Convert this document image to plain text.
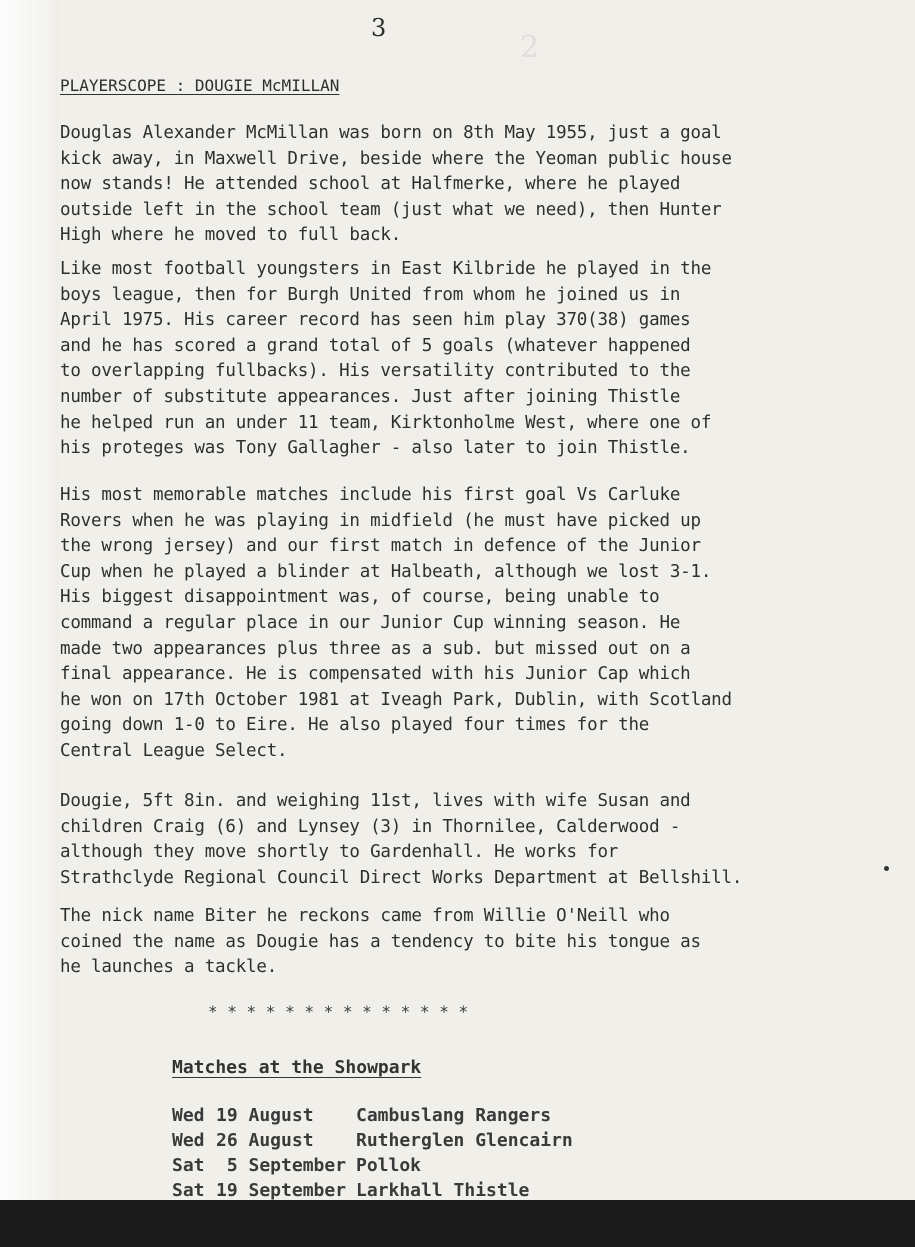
2
3
PLAYERSCOPE : DOUGIE McMILLAN

Douglas Alexander McMillan was born on 8th May 1955, just a goal
kick away, in Maxwell Drive, beside where the Yeoman public house
now stands! He attended school at Halfmerke, where he played
outside left in the school team (just what we need), then Hunter
High where he moved to full back.

Like most football youngsters in East Kilbride he played in the
boys league, then for Burgh United from whom he joined us in
April 1975. His career record has seen him play 370(38) games
and he has scored a grand total of 5 goals (whatever happened
to overlapping fullbacks). His versatility contributed to the
number of substitute appearances. Just after joining Thistle
he helped run an under 11 team, Kirktonholme West, where one of
his proteges was Tony Gallagher - also later to join Thistle.

His most memorable matches include his first goal Vs Carluke
Rovers when he was playing in midfield (he must have picked up
the wrong jersey) and our first match in defence of the Junior
Cup when he played a blinder at Halbeath, although we lost 3-1.
His biggest disappointment was, of course, being unable to
command a regular place in our Junior Cup winning season. He
made two appearances plus three as a sub. but missed out on a
final appearance. He is compensated with his Junior Cap which
he won on 17th October 1981 at Iveagh Park, Dublin, with Scotland
going down 1-0 to Eire. He also played four times for the
Central League Select.

Dougie, 5ft 8in. and weighing 11st, lives with wife Susan and
children Craig (6) and Lynsey (3) in Thornilee, Calderwood -
although they move shortly to Gardenhall. He works for
Strathclyde Regional Council Direct Works Department at Bellshill.

The nick name Biter he reckons came from Willie O'Neill who
coined the name as Dougie has a tendency to bite his tongue as
he launches a tackle.

* * * * * * * * * * * * * *
Matches at the Showpark
Wed 19 August	Cambuslang Rangers
Wed 26 August	Rutherglen Glencairn
Sat 5 September Pollok
Sat 19 September Larkhall Thistle
